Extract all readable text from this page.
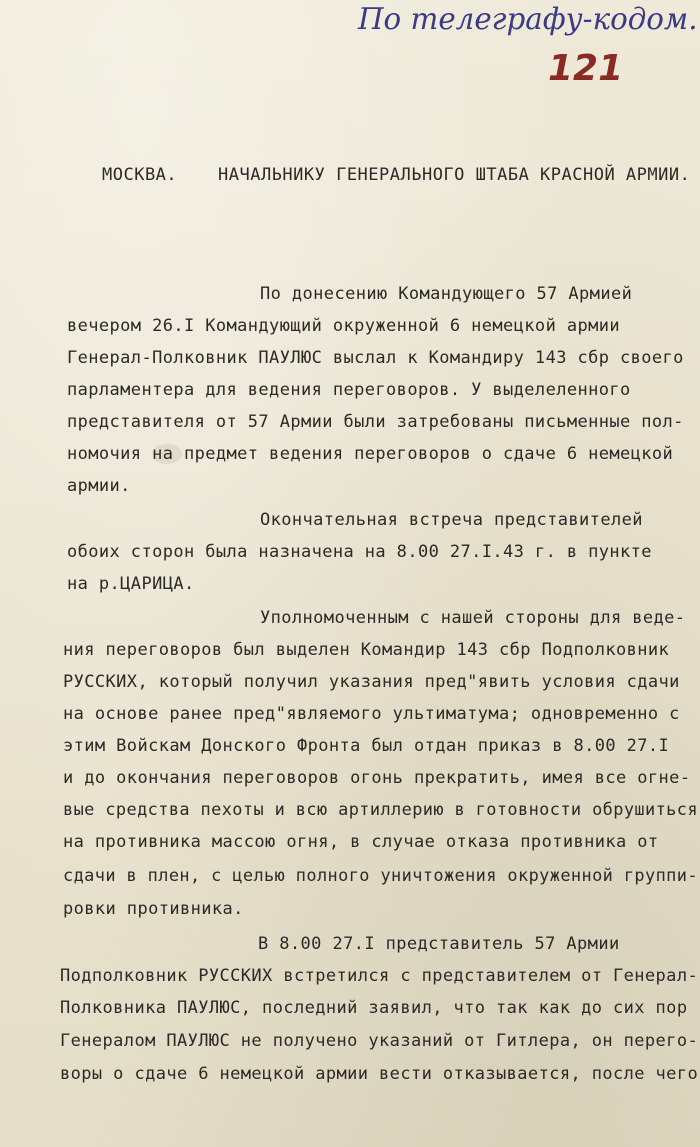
По телеграфу-кодом.
121
МОСКВА. НАЧАЛЬНИКУ ГЕНЕРАЛЬНОГО ШТАБА КРАСНОЙ АРМИИ.
По донесению Командующего 57 Армией
вечером 26.I Командующий окруженной 6 немецкой армии
Генерал-Полковник ПАУЛЮС выслал к Командиру 143 сбр своего
парламентера для ведения переговоров. У выделеленного
представителя от 57 Армии были затребованы письменные пол-
номочия на предмет ведения переговоров о сдаче 6 немецкой
армии.
Окончательная встреча представителей
обоих сторон была назначена на 8.00 27.I.43 г. в пункте
на р.ЦАРИЦА.
Уполномоченным с нашей стороны для веде-
ния переговоров был выделен Командир 143 сбр Подполковник
РУССКИХ, который получил указания пред"явить условия сдачи
на основе ранее пред"являемого ультиматума; одновременно с
этим Войскам Донского Фронта был отдан приказ в 8.00 27.I
и до окончания переговоров огонь прекратить, имея все огне-
вые средства пехоты и всю артиллерию в готовности обрушиться
на противника массою огня, в случае отказа противника от
сдачи в плен, с целью полного уничтожения окруженной группи-
ровки противника.
В 8.00 27.I представитель 57 Армии
Подполковник РУССКИХ встретился с представителем от Генерал-
Полковника ПАУЛЮС, последний заявил, что так как до сих пор
Генералом ПАУЛЮС не получено указаний от Гитлера, он перего-
воры о сдаче 6 немецкой армии вести отказывается, после чего
